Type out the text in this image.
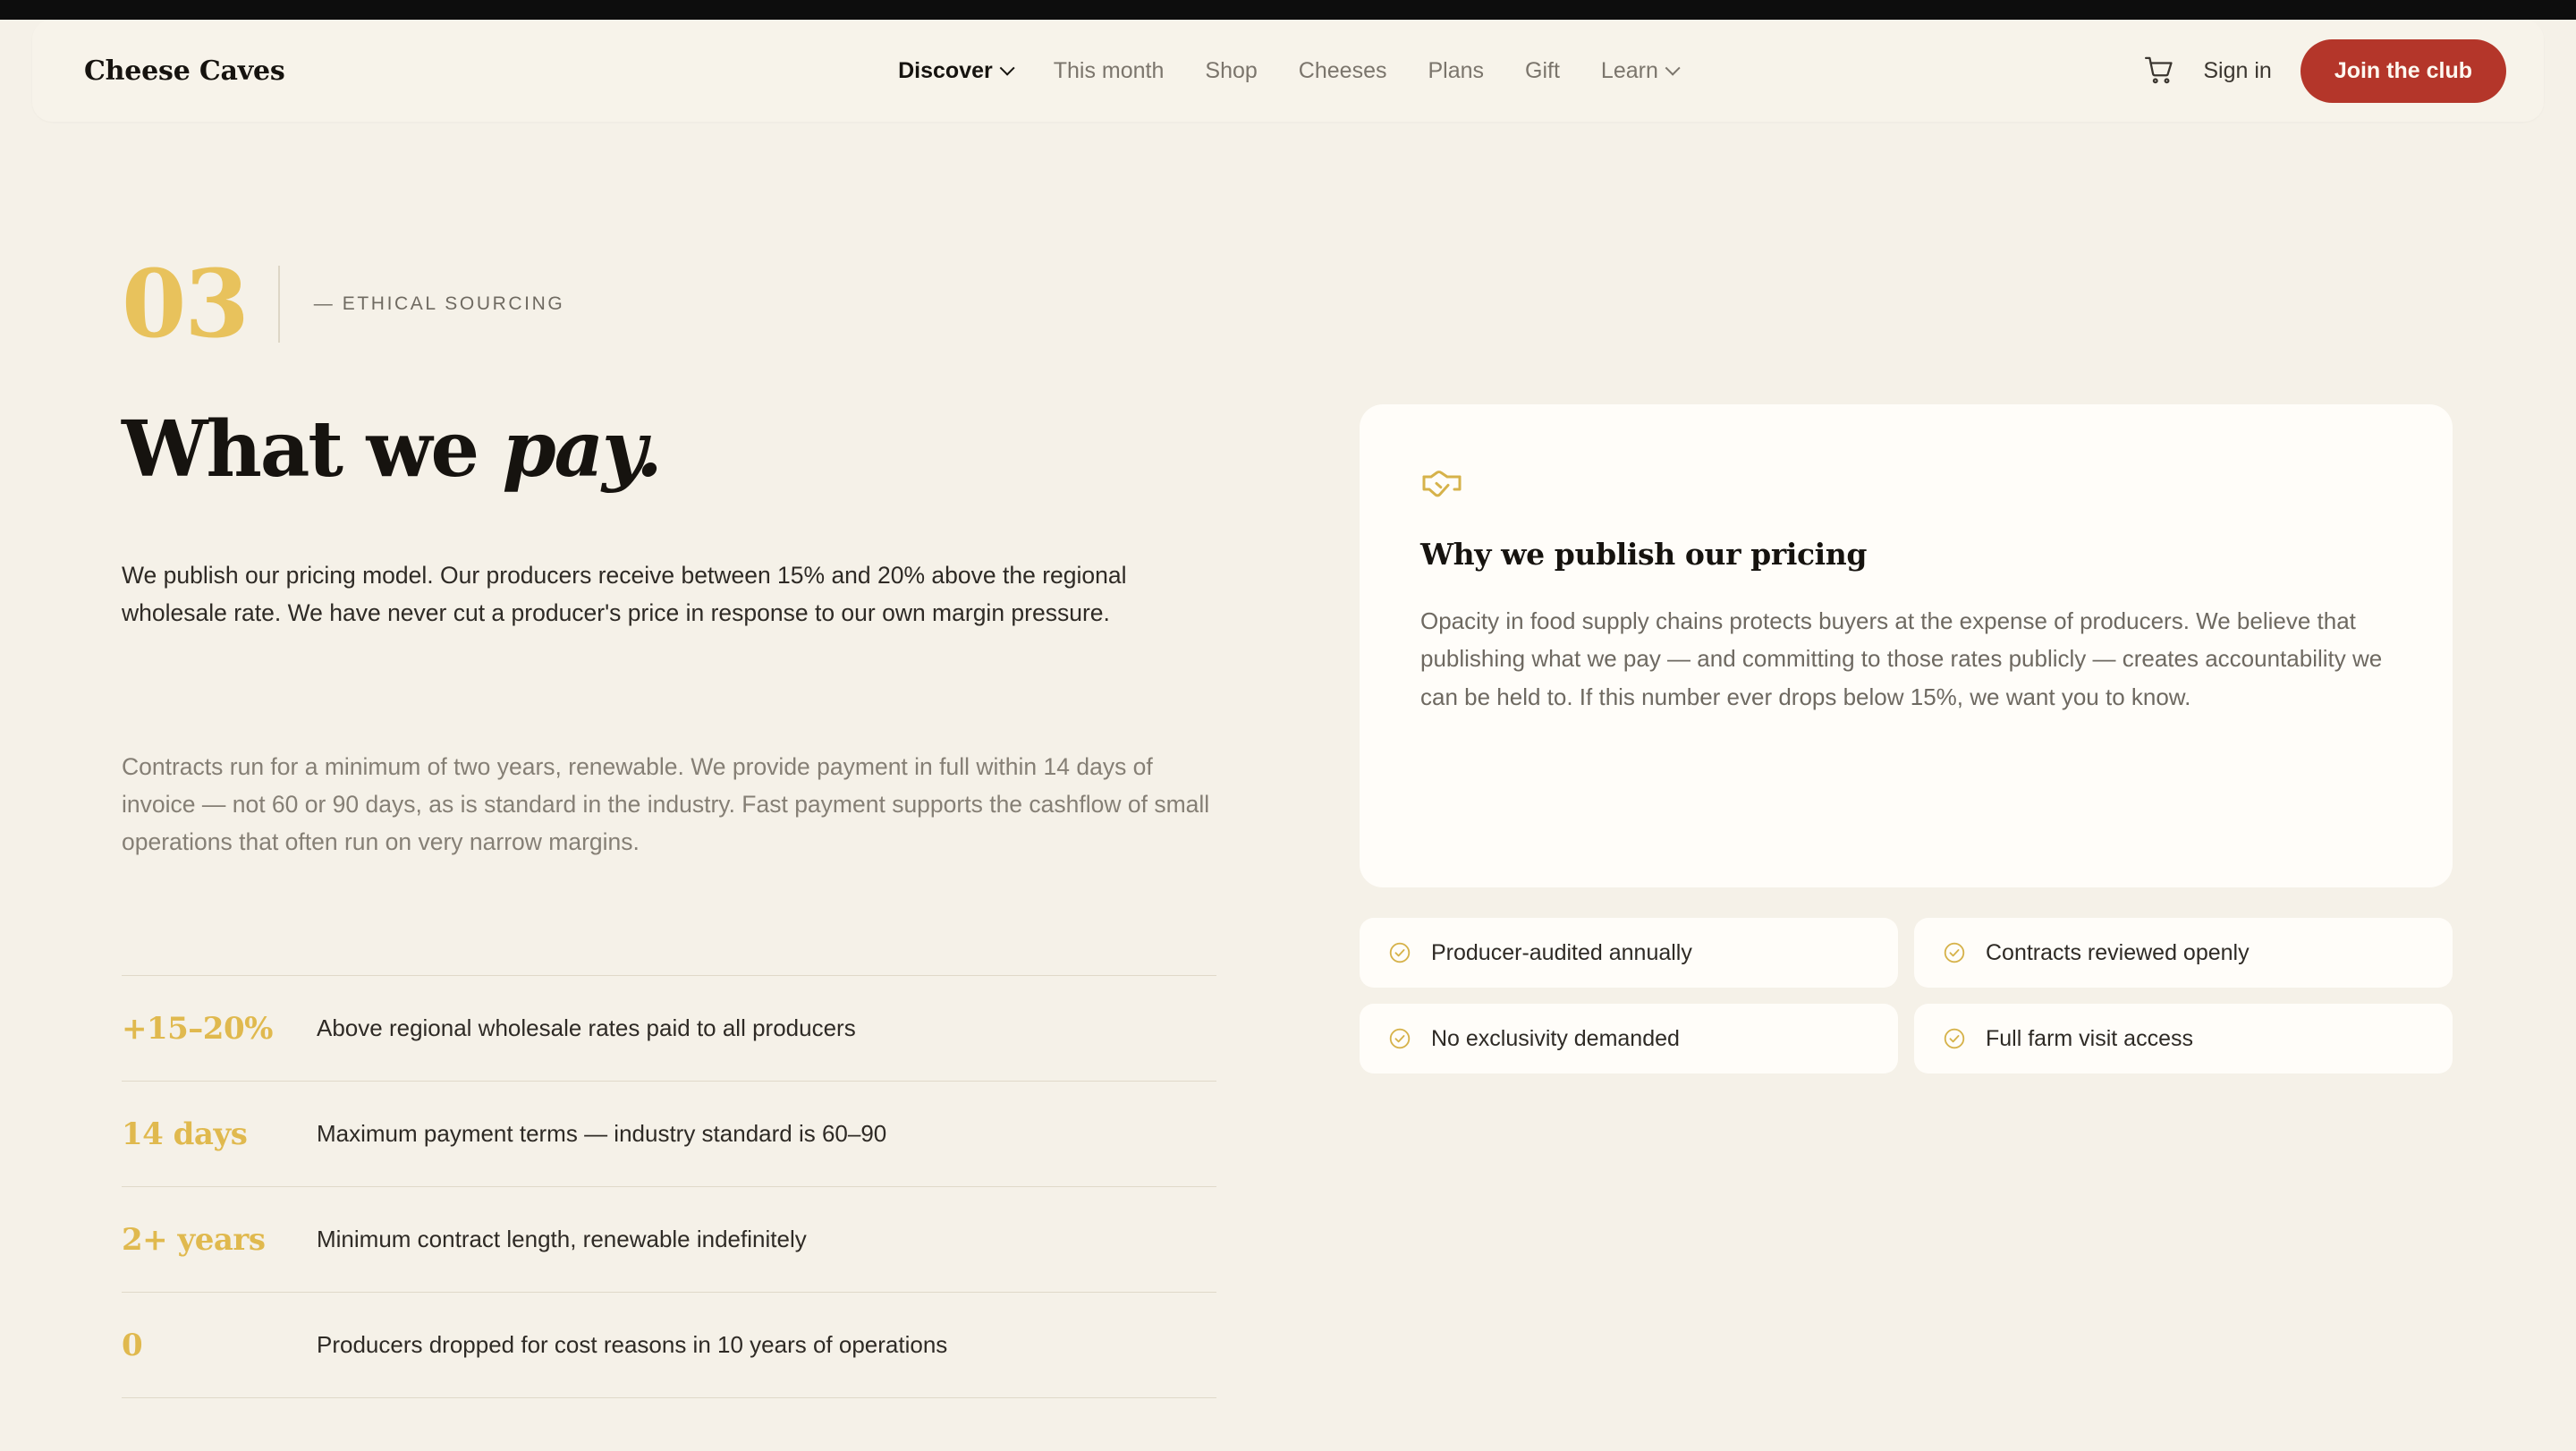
Cheese Caves	Discover	This month Shop Cheeses Plans Gift Learn	Sign in	Join the club
03	— ETHICAL SOURCING
What we pay.

We publish our pricing model. Our producers receive between 15% and 20% above the regional wholesale rate. We have never cut a producer's price in response to our own margin pressure.

Contracts run for a minimum of two years, renewable. We provide payment in full within 14 days of invoice — not 60 or 90 days, as is standard in the industry. Fast payment supports the cashflow of small operations that often run on very narrow margins.

+15–20%	Above regional wholesale rates paid to all producers
14 days	Maximum payment terms — industry standard is 60–90
2+ years	Minimum contract length, renewable indefinitely
0	Producers dropped for cost reasons in 10 years of operations
Why we publish our pricing
Opacity in food supply chains protects buyers at the expense of producers. We believe that publishing what we pay — and committing to those rates publicly — creates accountability we can be held to. If this number ever drops below 15%, we want you to know.
Producer-audited annually	Contracts reviewed openly
No exclusivity demanded	Full farm visit access
